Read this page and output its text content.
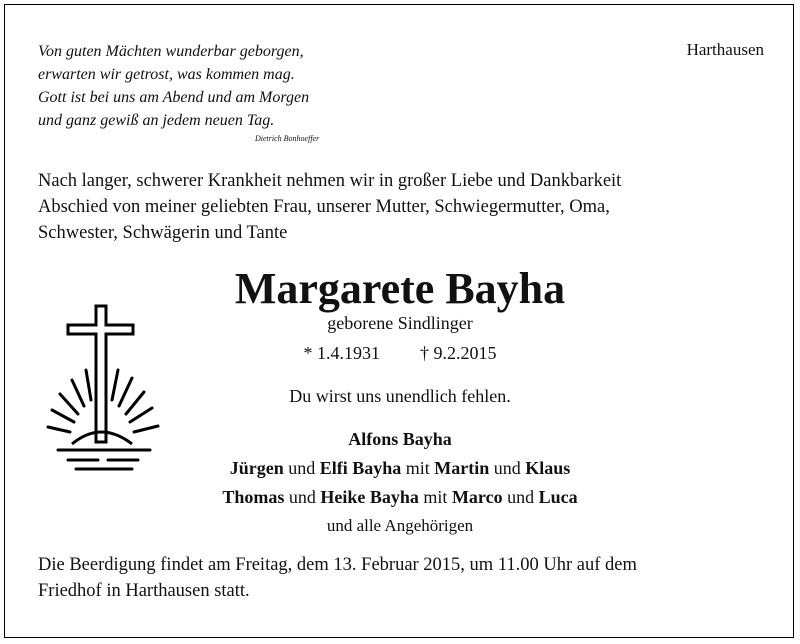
Von guten Mächten wunderbar geborgen,
erwarten wir getrost, was kommen mag.
Gott ist bei uns am Abend und am Morgen
und ganz gewiß an jedem neuen Tag.
Dietrich Bonhoeffer
Harthausen
Nach langer, schwerer Krankheit nehmen wir in großer Liebe und Dankbarkeit
Abschied von meiner geliebten Frau, unserer Mutter, Schwiegermutter, Oma,
Schwester, Schwägerin und Tante
Margarete Bayha
geborene Sindlinger
* 1.4.1931 † 9.2.2015
Du wirst uns unendlich fehlen.
Alfons Bayha
Jürgen und Elfi Bayha mit Martin und Klaus
Thomas und Heike Bayha mit Marco und Luca
und alle Angehörigen
Die Beerdigung findet am Freitag, dem 13. Februar 2015, um 11.00 Uhr auf dem
Friedhof in Harthausen statt.
